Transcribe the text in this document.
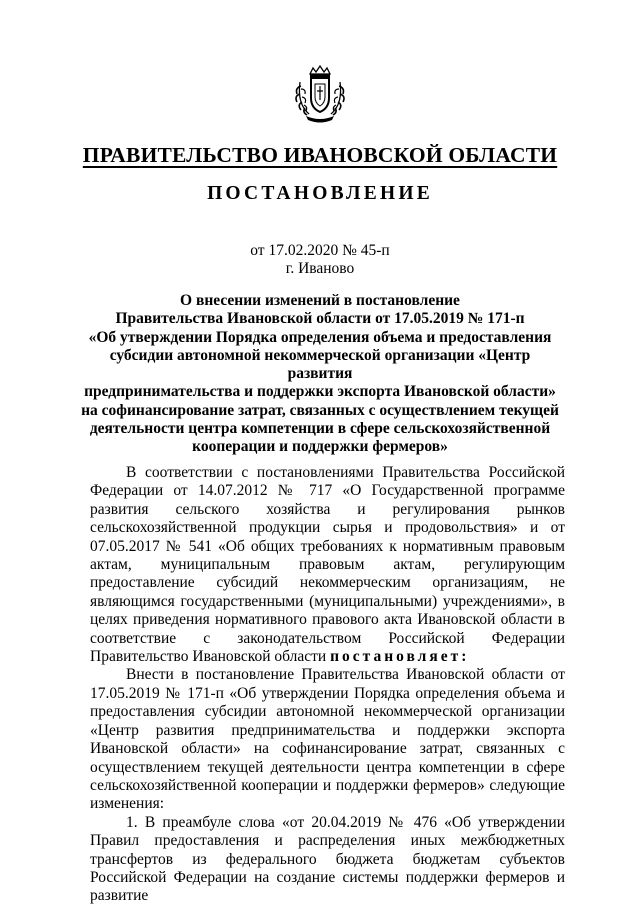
ПРАВИТЕЛЬСТВО ИВАНОВСКОЙ ОБЛАСТИ
ПОСТАНОВЛЕНИЕ
от 17.02.2020 № 45-п
г. Иваново
О внесении изменений в постановление
Правительства Ивановской области от 17.05.2019 № 171-п
«Об утверждении Порядка определения объема и предоставления
субсидии автономной некоммерческой организации «Центр развития
предпринимательства и поддержки экспорта Ивановской области»
на софинансирование затрат, связанных с осуществлением текущей
деятельности центра компетенции в сфере сельскохозяйственной
кооперации и поддержки фермеров»

В соответствии с постановлениями Правительства Российской Федерации от 14.07.2012 № 717 «О Государственной программе развития сельского хозяйства и регулирования рынков сельскохозяйственной продукции сырья и продовольствия» и от 07.05.2017 № 541 «Об общих требованиях к нормативным правовым актам, муниципальным правовым актам, регулирующим предоставление субсидий некоммерческим организациям, не являющимся государственными (муниципальными) учреждениями», в целях приведения нормативного правового акта Ивановской области в соответствие с законодательством Российской Федерации Правительство Ивановской области постановляет:

Внести в постановление Правительства Ивановской области от 17.05.2019 № 171-п «Об утверждении Порядка определения объема и предоставления субсидии автономной некоммерческой организации «Центр развития предпринимательства и поддержки экспорта Ивановской области» на софинансирование затрат, связанных с осуществлением текущей деятельности центра компетенции в сфере сельскохозяйственной кооперации и поддержки фермеров» следующие изменения:

1. В преамбуле слова «от 20.04.2019 № 476 «Об утверждении Правил предоставления и распределения иных межбюджетных трансфертов из федерального бюджета бюджетам субъектов Российской Федерации на создание системы поддержки фермеров и развитие
